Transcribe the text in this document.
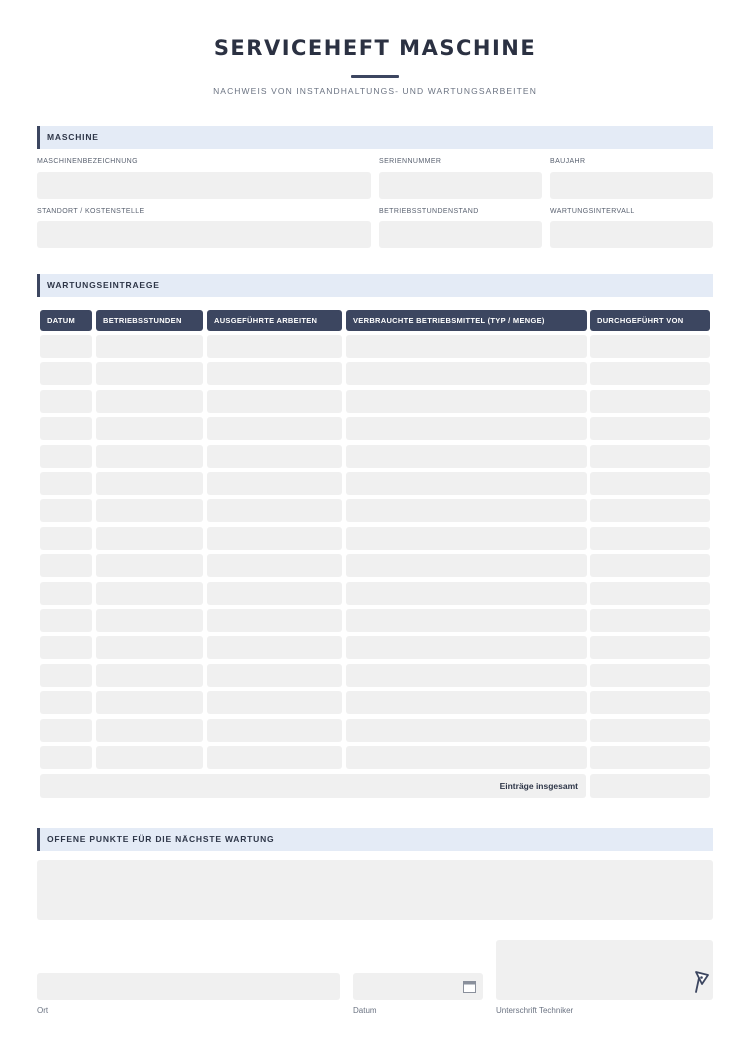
SERVICEHEFT MASCHINE
NACHWEIS VON INSTANDHALTUNGS- UND WARTUNGSARBEITEN
MASCHINE
MASCHINENBEZEICHNUNG	SERIENNUMMER	BAUJAHR
STANDORT / KOSTENSTELLE	BETRIEBSSTUNDENSTAND	WARTUNGSINTERVALL
WARTUNGSEINTRAEGE
DATUM	BETRIEBSSTUNDEN	AUSGEFÜHRTE ARBEITEN	VERBRAUCHTE BETRIEBSMITTEL (TYP / MENGE)	DURCHGEFÜHRT VON
Einträge insgesamt
OFFENE PUNKTE FÜR DIE NÄCHSTE WARTUNG
Ort	Datum	Unterschrift Techniker
